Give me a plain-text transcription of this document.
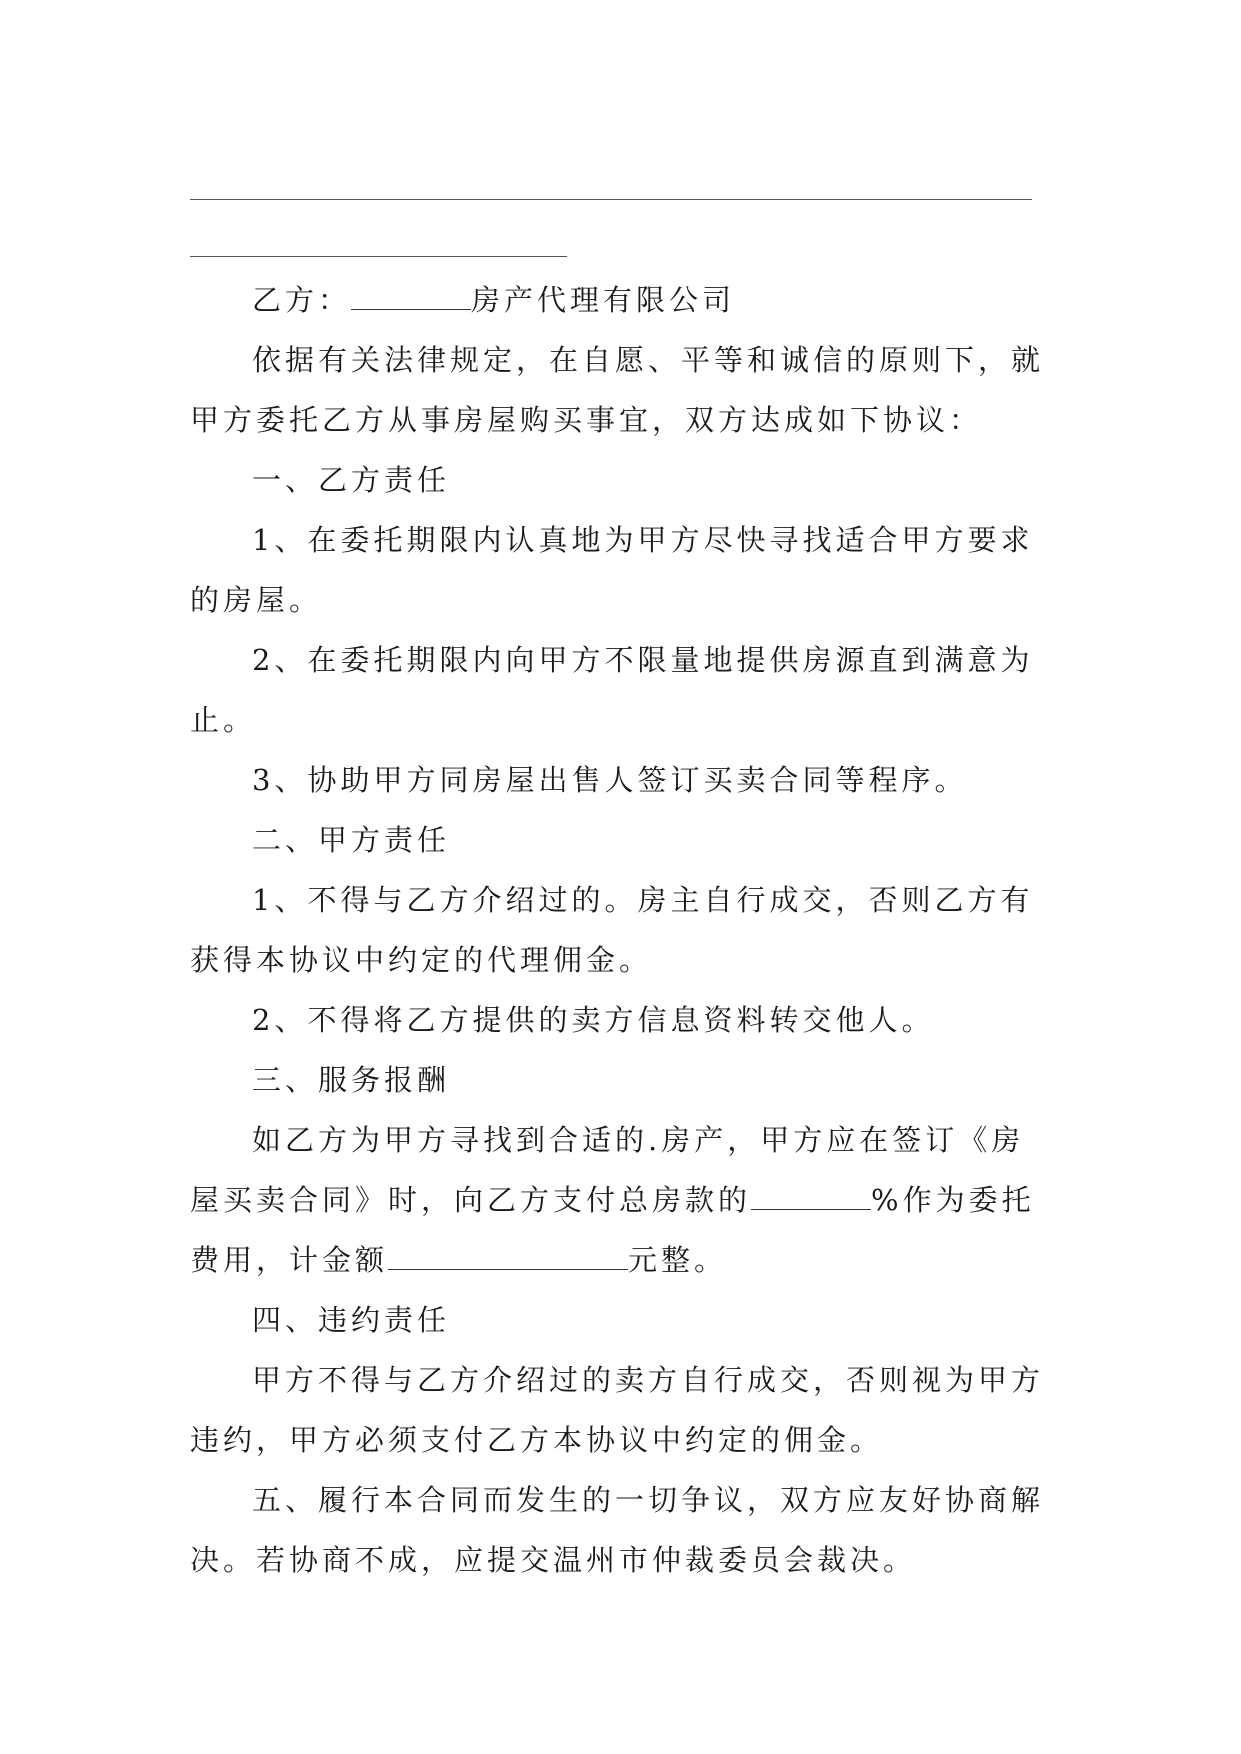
乙方：	房产代理有限公司

依据有关法律规定，在自愿、平等和诚信的原则下，就甲方委托乙方从事房屋购买事宜，双方达成如下协议：

一、乙方责任

1、在委托期限内认真地为甲方尽快寻找适合甲方要求的房屋。

2、在委托期限内向甲方不限量地提供房源直到满意为止。

3、协助甲方同房屋出售人签订买卖合同等程序。

二、甲方责任

1、不得与乙方介绍过的。房主自行成交，否则乙方有获得本协议中约定的代理佣金。

2、不得将乙方提供的卖方信息资料转交他人。

三、服务报酬

如乙方为甲方寻找到合适的.房产，甲方应在签订《房屋买卖合同》时，向乙方支付总房款的	%作为委托费用，计金额	元整。

四、违约责任

甲方不得与乙方介绍过的卖方自行成交，否则视为甲方违约，甲方必须支付乙方本协议中约定的佣金。

五、履行本合同而发生的一切争议，双方应友好协商解决。若协商不成，应提交温州市仲裁委员会裁决。
